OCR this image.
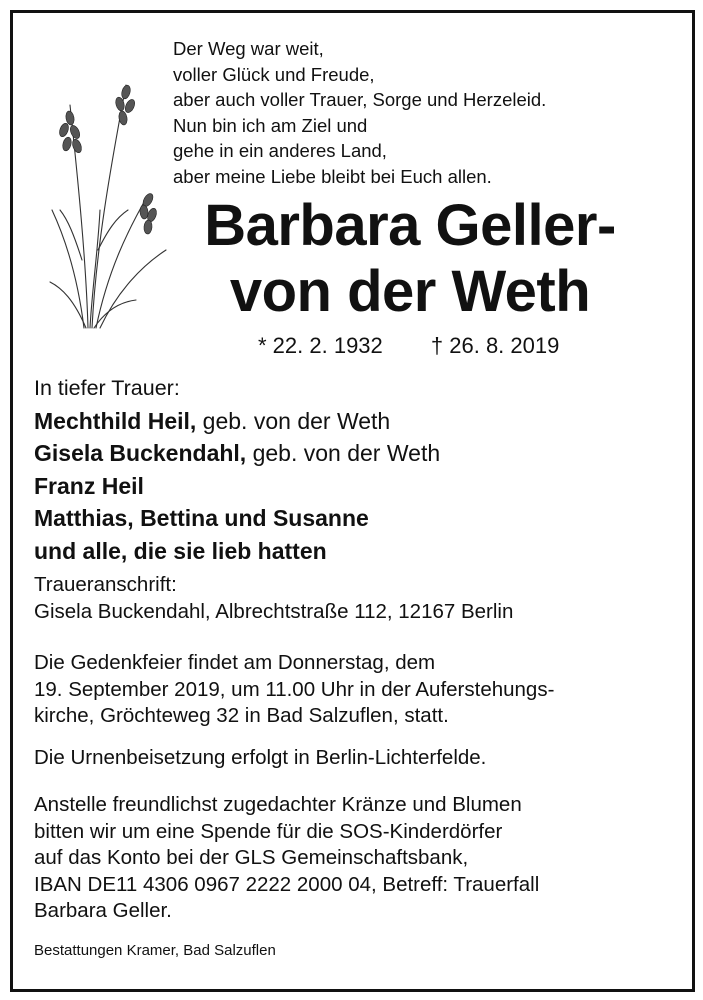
Der Weg war weit,
voller Glück und Freude,
aber auch voller Trauer, Sorge und Herzeleid.
Nun bin ich am Ziel und
gehe in ein anderes Land,
aber meine Liebe bleibt bei Euch allen.
Barbara Geller-
von der Weth
* 22. 2. 1932 † 26. 8. 2019
In tiefer Trauer:
Mechthild Heil, geb. von der Weth
Gisela Buckendahl, geb. von der Weth
Franz Heil
Matthias, Bettina und Susanne
und alle, die sie lieb hatten
Traueranschrift:
Gisela Buckendahl, Albrechtstraße 112, 12167 Berlin
Die Gedenkfeier findet am Donnerstag, dem
19. September 2019, um 11.00 Uhr in der Auferstehungs-
kirche, Gröchteweg 32 in Bad Salzuflen, statt.
Die Urnenbeisetzung erfolgt in Berlin-Lichterfelde.
Anstelle freundlichst zugedachter Kränze und Blumen
bitten wir um eine Spende für die SOS-Kinderdörfer
auf das Konto bei der GLS Gemeinschaftsbank,
IBAN DE11 4306 0967 2222 2000 04, Betreff: Trauerfall
Barbara Geller.
Bestattungen Kramer, Bad Salzuflen
